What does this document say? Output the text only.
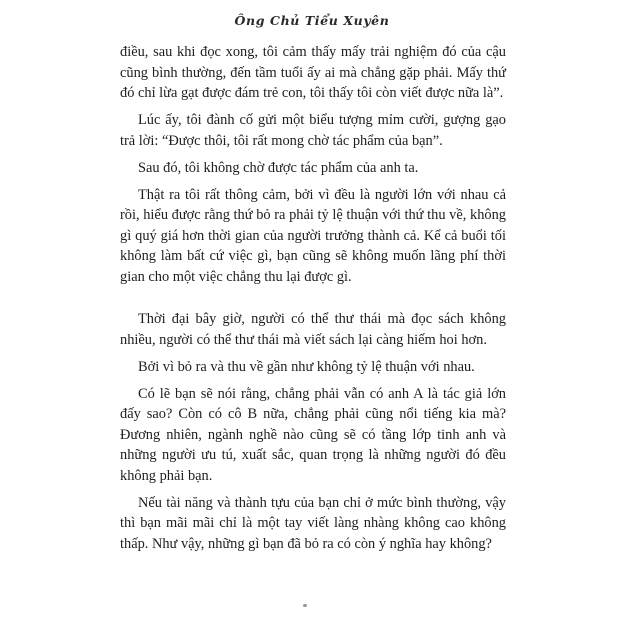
Ông Chủ Tiểu Xuyên

điều, sau khi đọc xong, tôi cảm thấy mấy trải nghiệm đó của cậu cũng bình thường, đến tầm tuổi ấy ai mà chẳng gặp phải. Mấy thứ đó chỉ lừa gạt được đám trẻ con, tôi thấy tôi còn viết được nữa là”.

Lúc ấy, tôi đành cố gửi một biểu tượng mỉm cười, gượng gạo trả lời: “Được thôi, tôi rất mong chờ tác phẩm của bạn”.

Sau đó, tôi không chờ được tác phẩm của anh ta.

Thật ra tôi rất thông cảm, bởi vì đều là người lớn với nhau cả rồi, hiểu được rằng thứ bỏ ra phải tỷ lệ thuận với thứ thu về, không gì quý giá hơn thời gian của người trưởng thành cả. Kể cả buổi tối không làm bất cứ việc gì, bạn cũng sẽ không muốn lãng phí thời gian cho một việc chẳng thu lại được gì.

Thời đại bây giờ, người có thể thư thái mà đọc sách không nhiều, người có thể thư thái mà viết sách lại càng hiếm hoi hơn.

Bởi vì bỏ ra và thu về gần như không tỷ lệ thuận với nhau.

Có lẽ bạn sẽ nói rằng, chẳng phải vẫn có anh A là tác giả lớn đấy sao? Còn có cô B nữa, chẳng phải cũng nổi tiếng kia mà? Đương nhiên, ngành nghề nào cũng sẽ có tầng lớp tinh anh và những người ưu tú, xuất sắc, quan trọng là những người đó đều không phải bạn.

Nếu tài năng và thành tựu của bạn chỉ ở mức bình thường, vậy thì bạn mãi mãi chỉ là một tay viết làng nhàng không cao không thấp. Như vậy, những gì bạn đã bỏ ra có còn ý nghĩa hay không?
